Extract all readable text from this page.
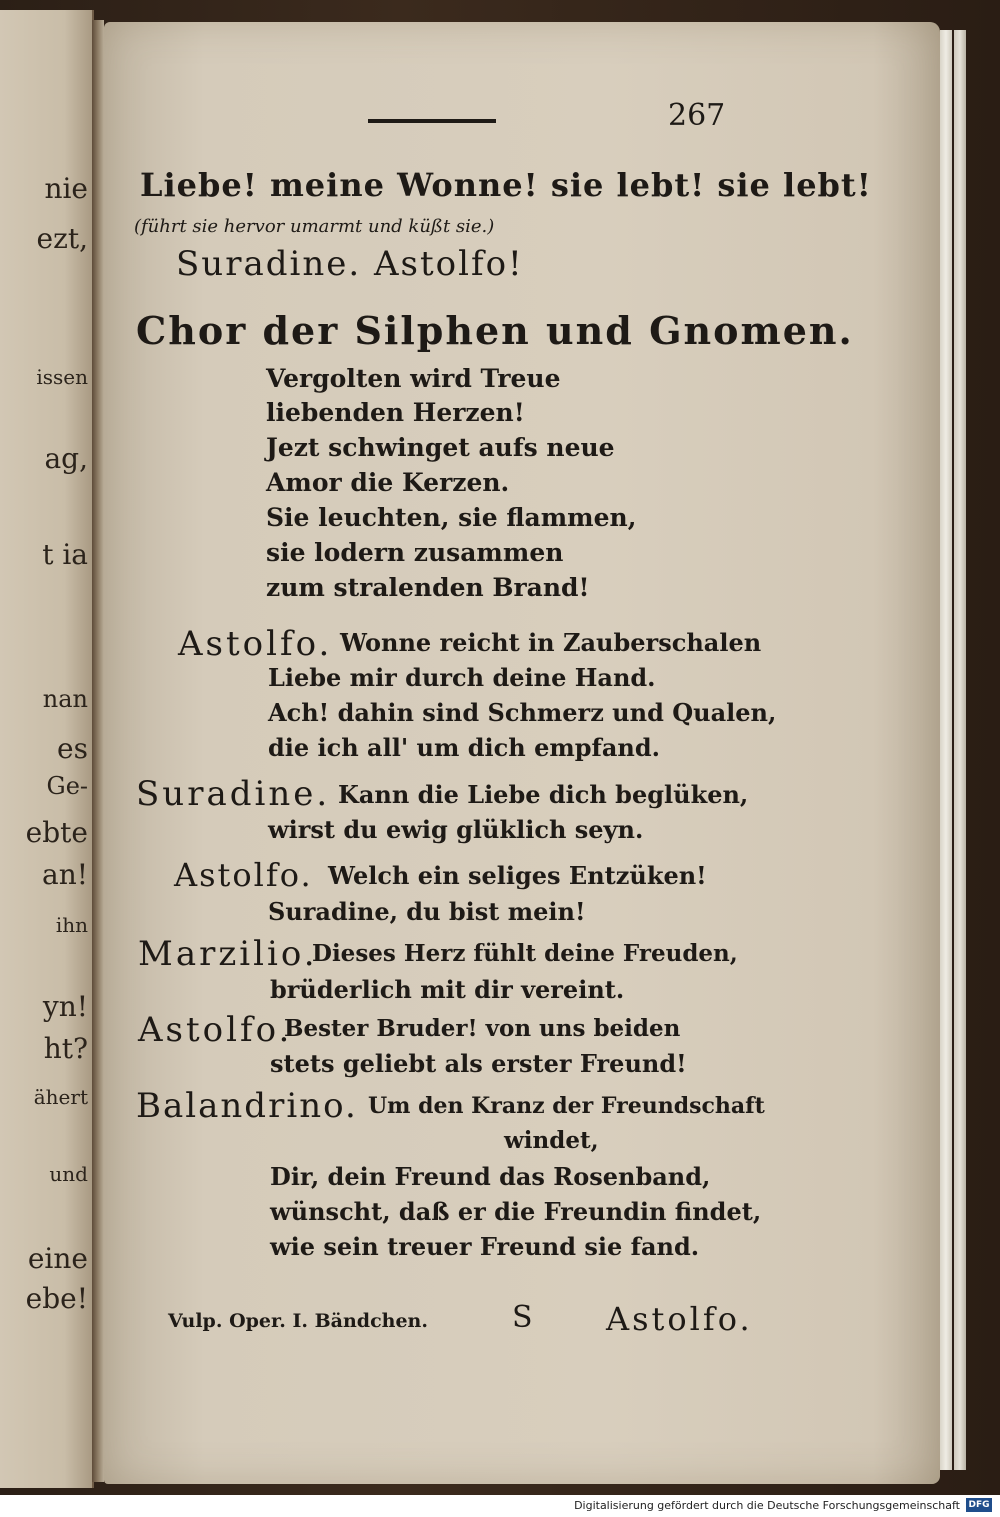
nie
ezt,
issen
ag,
t ia
nan
es
Ge-
ebte
an!
ihn
yn!
ht?
ähert
und
eine
ebe!
267
Liebe! meine Wonne! sie lebt! sie lebt!
(führt sie hervor umarmt und küßt sie.)
Suradine. Astolfo!
Chor der Silphen und Gnomen.
Vergolten wird Treue
liebenden Herzen!
Jezt schwinget aufs neue
Amor die Kerzen.
Sie leuchten, sie flammen,
sie lodern zusammen
zum stralenden Brand!
Astolfo. Wonne reicht in Zauberschalen
Liebe mir durch deine Hand.
Ach! dahin sind Schmerz und Qualen,
die ich all' um dich empfand.
Suradine. Kann die Liebe dich beglüken,
wirst du ewig glüklich seyn.
Astolfo. Welch ein seliges Entzüken!
Suradine, du bist mein!
Marzilio.
Dieses Herz fühlt deine Freuden,
brüderlich mit dir vereint.
Astolfo.
Bester Bruder! von uns beiden
stets geliebt als erster Freund!
Balandrino. Um den Kranz der Freundschaft
windet,
Dir, dein Freund das Rosenband,
wünscht, daß er die Freundin findet,
wie sein treuer Freund sie fand.
Vulp. Oper. I. Bändchen.	S Astolfo.
Digitalisierung gefördert durch die Deutsche Forschungsgemeinschaft DFG
